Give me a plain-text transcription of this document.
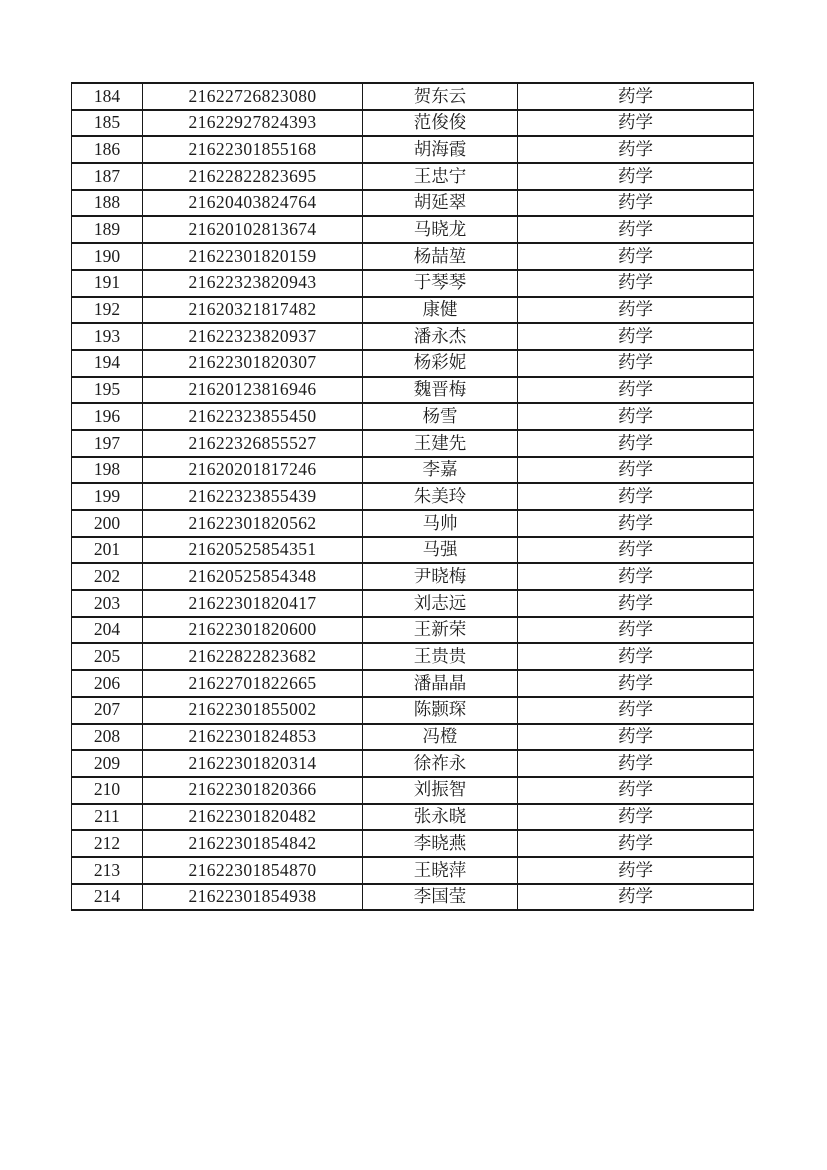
184	21622726823080	贺东云	药学
185	21622927824393	范俊俊	药学
186	21622301855168	胡海霞	药学
187	21622822823695	王忠宁	药学
188	21620403824764	胡延翠	药学
189	21620102813674	马晓龙	药学
190	21622301820159	杨喆堃	药学
191	21622323820943	于琴琴	药学
192	21620321817482	康健	药学
193	21622323820937	潘永杰	药学
194	21622301820307	杨彩妮	药学
195	21620123816946	魏晋梅	药学
196	21622323855450	杨雪	药学
197	21622326855527	王建先	药学
198	21620201817246	李嘉	药学
199	21622323855439	朱美玲	药学
200	21622301820562	马帅	药学
201	21620525854351	马强	药学
202	21620525854348	尹晓梅	药学
203	21622301820417	刘志远	药学
204	21622301820600	王新荣	药学
205	21622822823682	王贵贵	药学
206	21622701822665	潘晶晶	药学
207	21622301855002	陈颢琛	药学
208	21622301824853	冯橙	药学
209	21622301820314	徐祚永	药学
210	21622301820366	刘振智	药学
211	21622301820482	张永晓	药学
212	21622301854842	李晓燕	药学
213	21622301854870	王晓萍	药学
214	21622301854938	李国莹	药学
